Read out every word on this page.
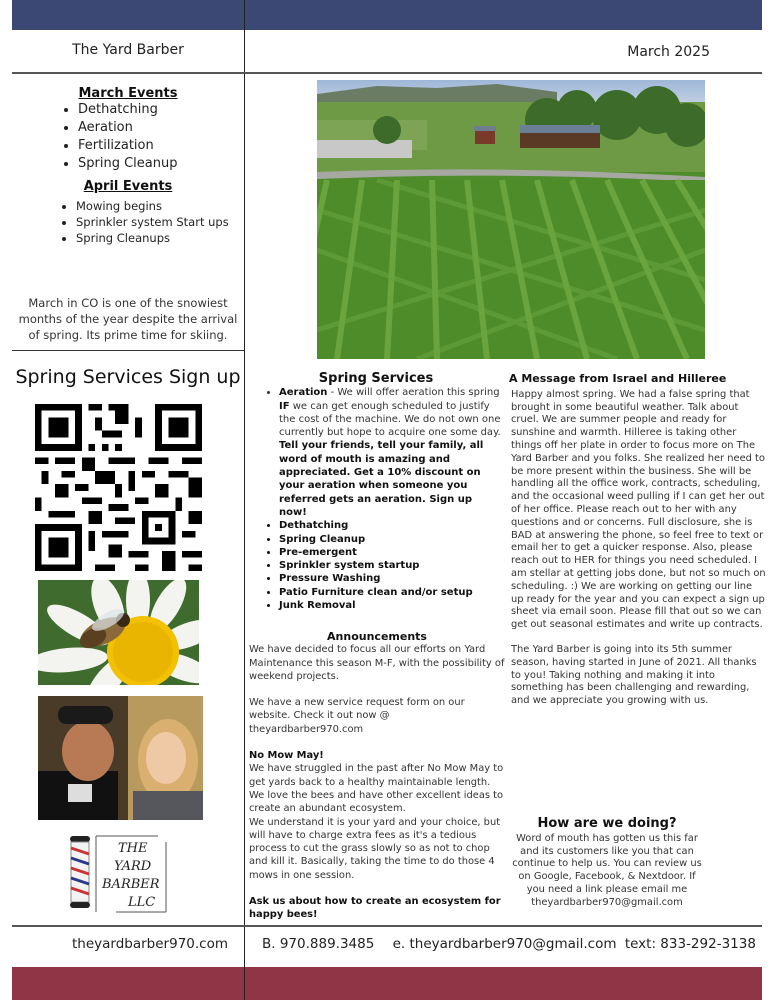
The Yard Barber	March 2025
March Events
• Dethatching
• Aeration
• Fertilization
• Spring Cleanup
April Events
• Mowing begins
• Sprinkler system Start ups
• Spring Cleanups
March in CO is one of the snowiest months of the year despite the arrival of spring. Its prime time for skiing.
Spring Services Sign up
THE
YARD
BARBER
LLC
Spring Services
• Aeration - We will offer aeration this spring IF we can get enough scheduled to justify the cost of the machine. We do not own one currently but hope to acquire one some day. Tell your friends, tell your family, all word of mouth is amazing and appreciated. Get a 10% discount on your aeration when someone you referred gets an aeration. Sign up now!
• Dethatching
• Spring Cleanup
• Pre-emergent
• Sprinkler system startup
• Pressure Washing
• Patio Furniture clean and/or setup
• Junk Removal
Announcements

We have decided to focus all our efforts on Yard Maintenance this season M-F, with the possibility of weekend projects.

We have a new service request form on our website. Check it out now @ theyardbarber970.com

No Mow May!

We have struggled in the past after No Mow May to get yards back to a healthy maintainable length. We love the bees and have other excellent ideas to create an abundant ecosystem.

We understand it is your yard and your choice, but will have to charge extra fees as it's a tedious process to cut the grass slowly so as not to chop and kill it. Basically, taking the time to do those 4 mows in one session.

Ask us about how to create an ecosystem for happy bees!

A Message from Israel and Hilleree

Happy almost spring. We had a false spring that brought in some beautiful weather. Talk about cruel. We are summer people and ready for sunshine and warmth. Hilleree is taking other things off her plate in order to focus more on The Yard Barber and you folks. She realized her need to be more present within the business. She will be handling all the office work, contracts, scheduling, and the occasional weed pulling if I can get her out of her office. Please reach out to her with any questions and or concerns. Full disclosure, she is BAD at answering the phone, so feel free to text or email her to get a quicker response. Also, please reach out to HER for things you need scheduled. I am stellar at getting jobs done, but not so much on scheduling. :) We are working on getting our line up ready for the year and you can expect a sign up sheet via email soon. Please fill that out so we can get out seasonal estimates and write up contracts.

The Yard Barber is going into its 5th summer season, having started in June of 2021. All thanks to you! Taking nothing and making it into something has been challenging and rewarding, and we appreciate you growing with us.

How are we doing?
Word of mouth has gotten us this far and its customers like you that can continue to help us. You can review us on Google, Facebook, & Nextdoor. If you need a link please email me
theyardbarber970@gmail.com
theyardbarber970.com	B. 970.889.3485 e. theyardbarber970@gmail.com text: 833-292-3138
